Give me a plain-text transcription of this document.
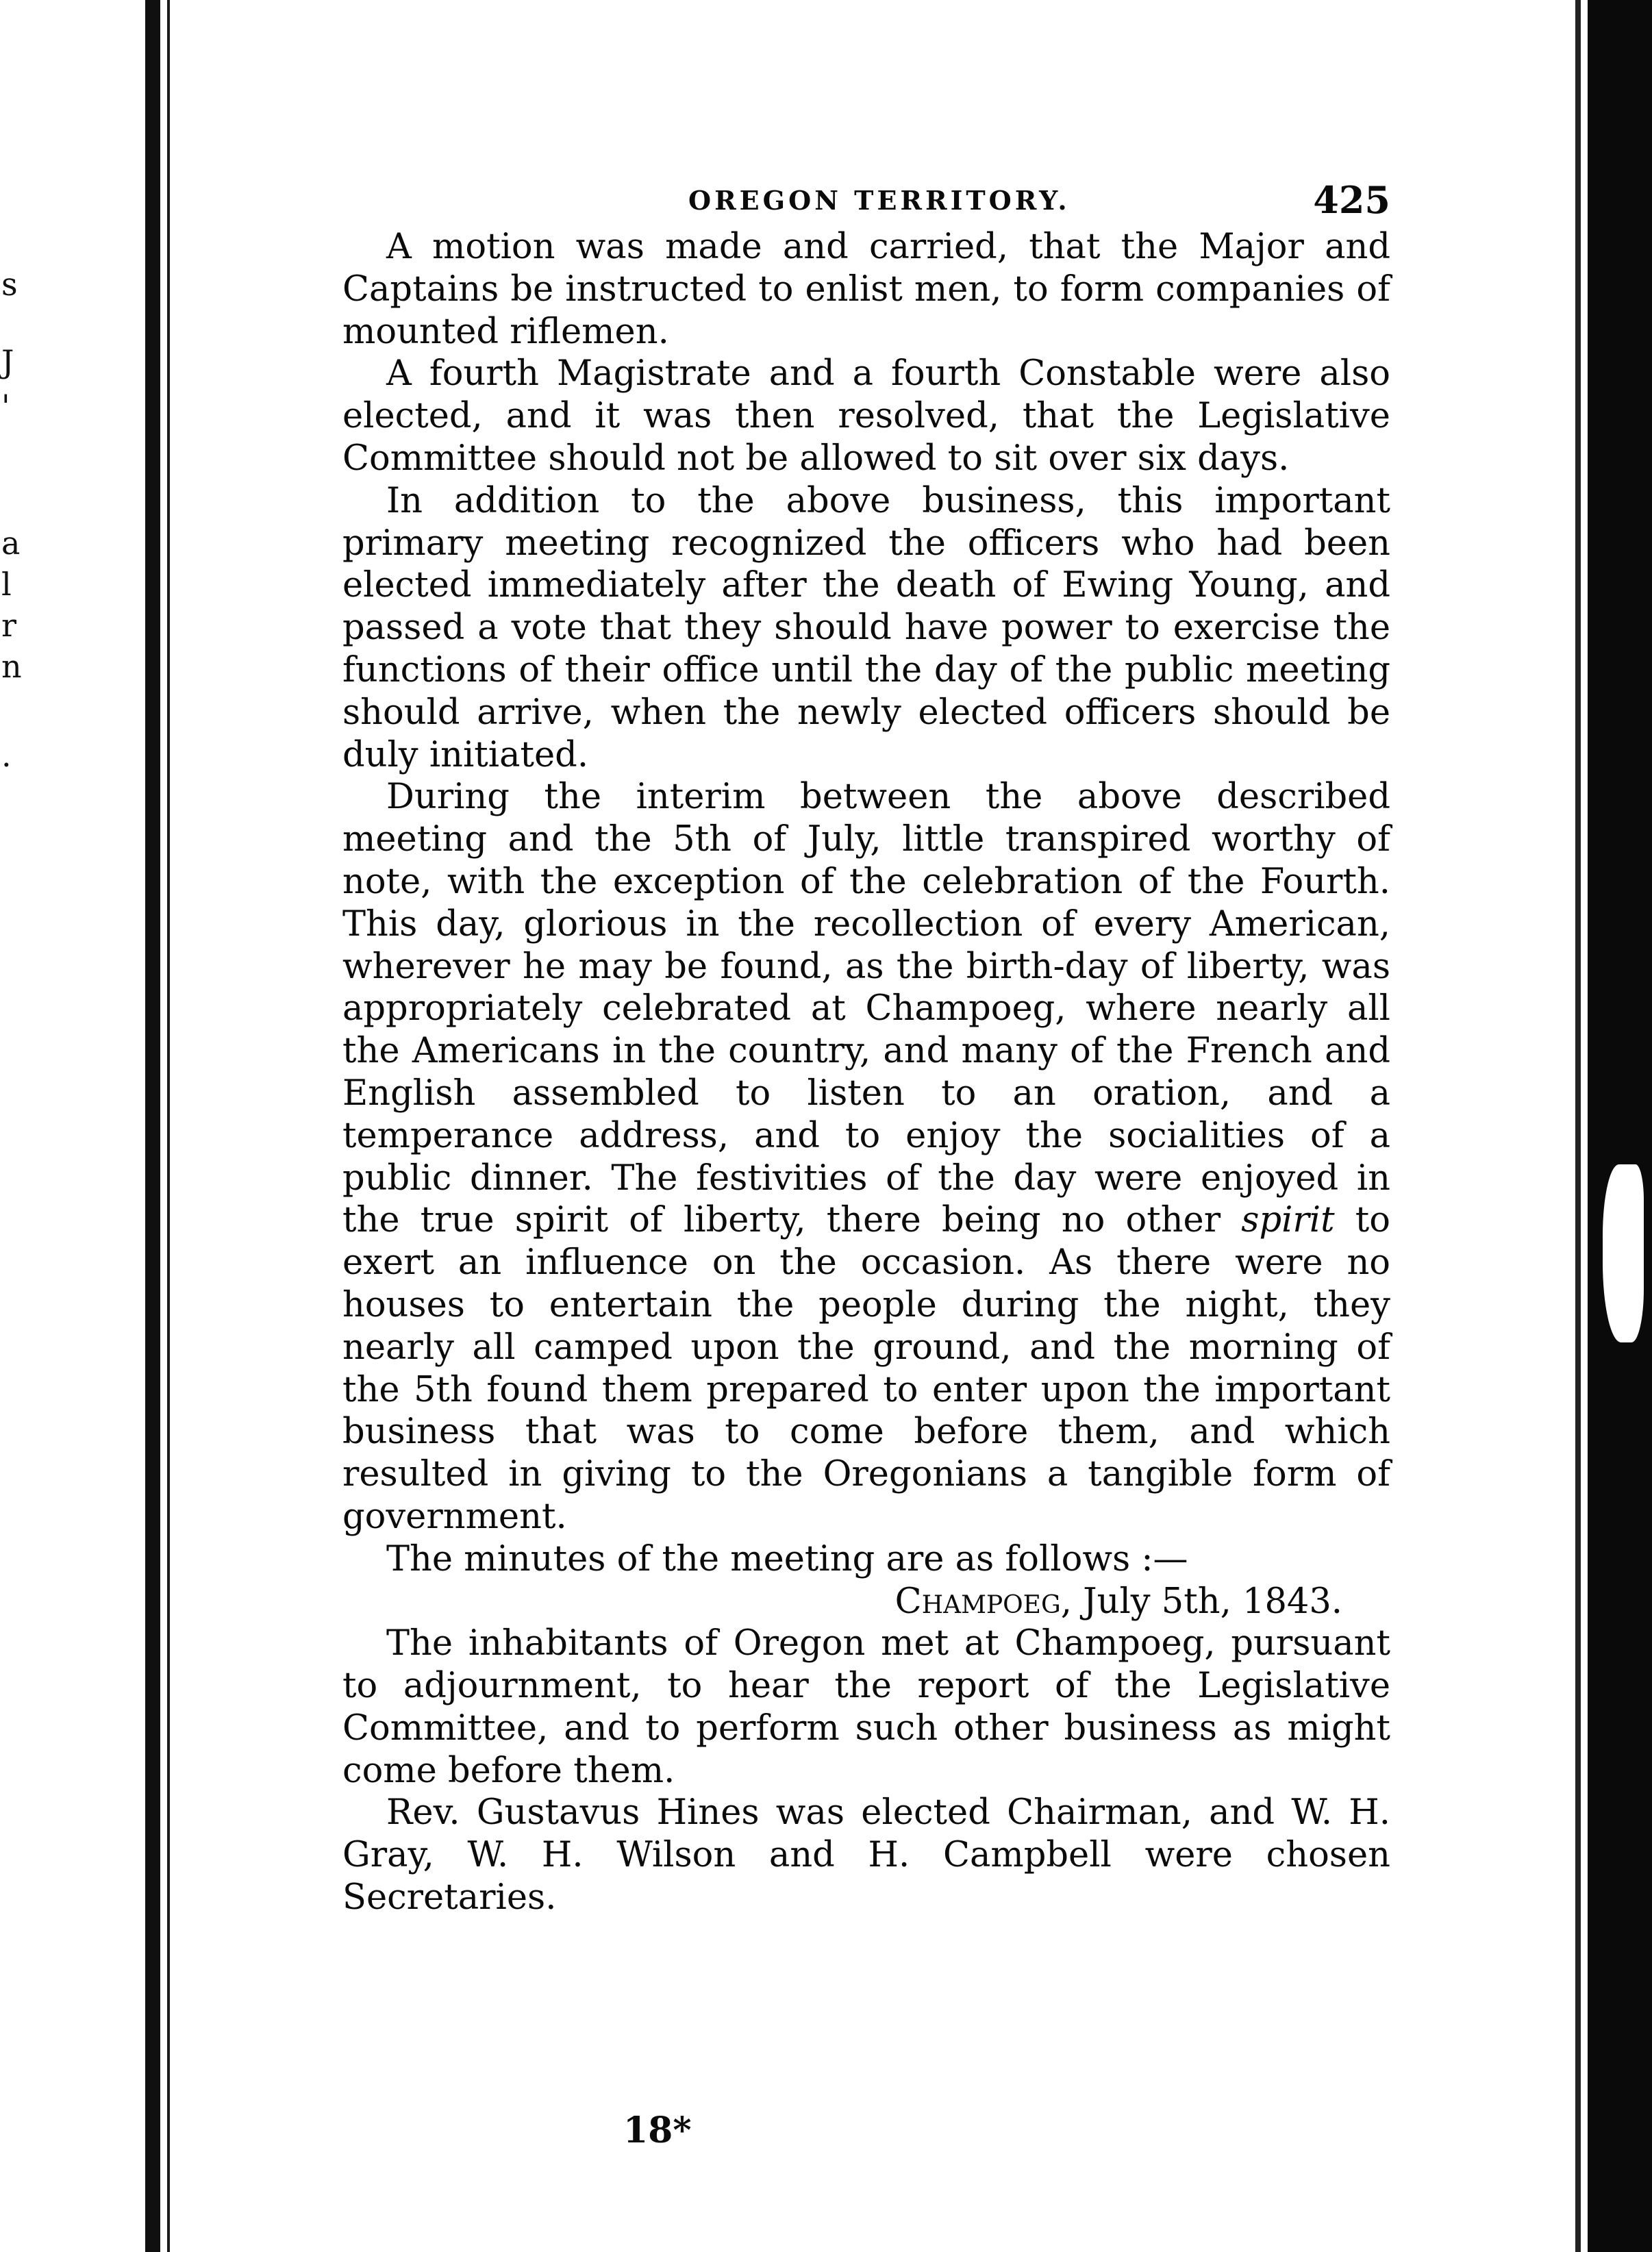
s
J
'
a
l
r
n
.
OREGON TERRITORY.	425

A motion was made and carried, that the Major and Captains be instructed to enlist men, to form companies of mounted riflemen.

A fourth Magistrate and a fourth Constable were also elected, and it was then resolved, that the Legislative Committee should not be allowed to sit over six days.

In addition to the above business, this important primary meeting recognized the officers who had been elected immediately after the death of Ewing Young, and passed a vote that they should have power to exercise the functions of their office until the day of the public meeting should arrive, when the newly elected officers should be duly initiated.

During the interim between the above described meeting and the 5th of July, little transpired worthy of note, with the exception of the celebration of the Fourth. This day, glorious in the recollection of every American, wherever he may be found, as the birth-day of liberty, was appropriately celebrated at Champoeg, where nearly all the Americans in the country, and many of the French and English assembled to listen to an oration, and a temperance address, and to enjoy the socialities of a public dinner. The festivities of the day were enjoyed in the true spirit of liberty, there being no other spirit to exert an influence on the occasion. As there were no houses to entertain the people during the night, they nearly all camped upon the ground, and the morning of the 5th found them prepared to enter upon the important business that was to come before them, and which resulted in giving to the Oregonians a tangible form of government.

The minutes of the meeting are as follows :—

Champoeg, July 5th, 1843.

The inhabitants of Oregon met at Champoeg, pursuant to adjournment, to hear the report of the Legislative Committee, and to perform such other business as might come before them.

Rev. Gustavus Hines was elected Chairman, and W. H. Gray, W. H. Wilson and H. Campbell were chosen Secretaries.

18*
